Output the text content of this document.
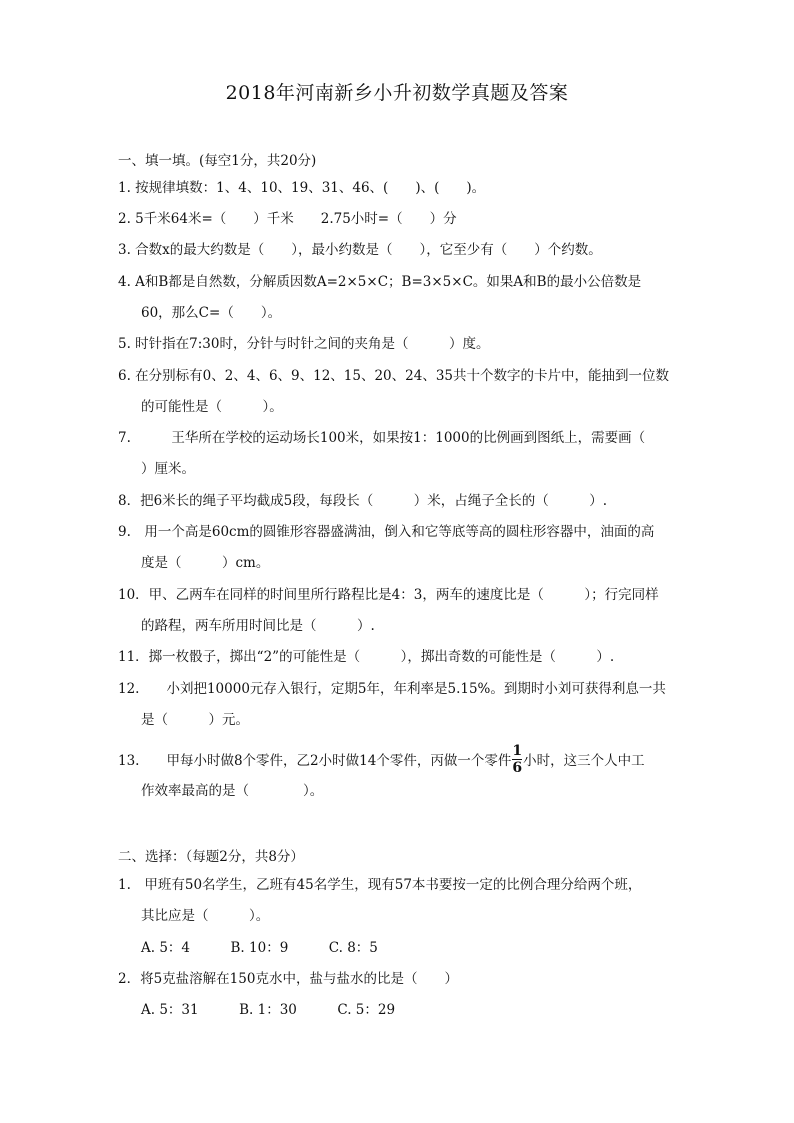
2018年河南新乡小升初数学真题及答案
一、填一填。(每空1分，共20分)
1. 按规律填数：1、4、10、19、31、46、(　　)、(　　)。
2. 5千米64米=（　　）千米　　2.75小时=（　　）分
3. 合数x的最大约数是（　　），最小约数是（　　），它至少有（　　）个约数。
4. A和B都是自然数，分解质因数A=2×5×C；B=3×5×C。如果A和B的最小公倍数是
60，那么C=（　　）。
5. 时针指在7:30时，分针与时针之间的夹角是（　　　）度。
6. 在分别标有0、2、4、6、9、12、15、20、24、35共十个数字的卡片中，能抽到一位数
的可能性是（　　　）。
7.　　　王华所在学校的运动场长100米，如果按1：1000的比例画到图纸上，需要画（
）厘米。
8．把6米长的绳子平均截成5段，每段长（　　　）米，占绳子全长的（　　　）.
9.　用一个高是60cm的圆锥形容器盛满油，倒入和它等底等高的圆柱形容器中，油面的高
度是（　　　）cm。
10．甲、乙两车在同样的时间里所行路程比是4：3，两车的速度比是（　　　）；行完同样
的路程，两车所用时间比是（　　　）.
11．掷一枚骰子，掷出“2”的可能性是（　　　），掷出奇数的可能性是（　　　）.
12.　　小刘把10000元存入银行，定期5年，年利率是5.15%。到期时小刘可获得利息一共
是（　　　）元。
13.　　甲每小时做8个零件，乙2小时做14个零件，丙做一个零件 $\frac{1}{6}$ 小时，这三个人中工
作效率最高的是（　　　　）。
二、选择：（每题2分，共8分）
1.　甲班有50名学生，乙班有45名学生，现有57本书要按一定的比例合理分给两个班，
其比应是（　　　）。
A. 5：4　　　B. 10：9　　　C. 8：5
2．将5克盐溶解在150克水中，盐与盐水的比是（　　）
A. 5：31　　　B. 1：30　　　C. 5：29
